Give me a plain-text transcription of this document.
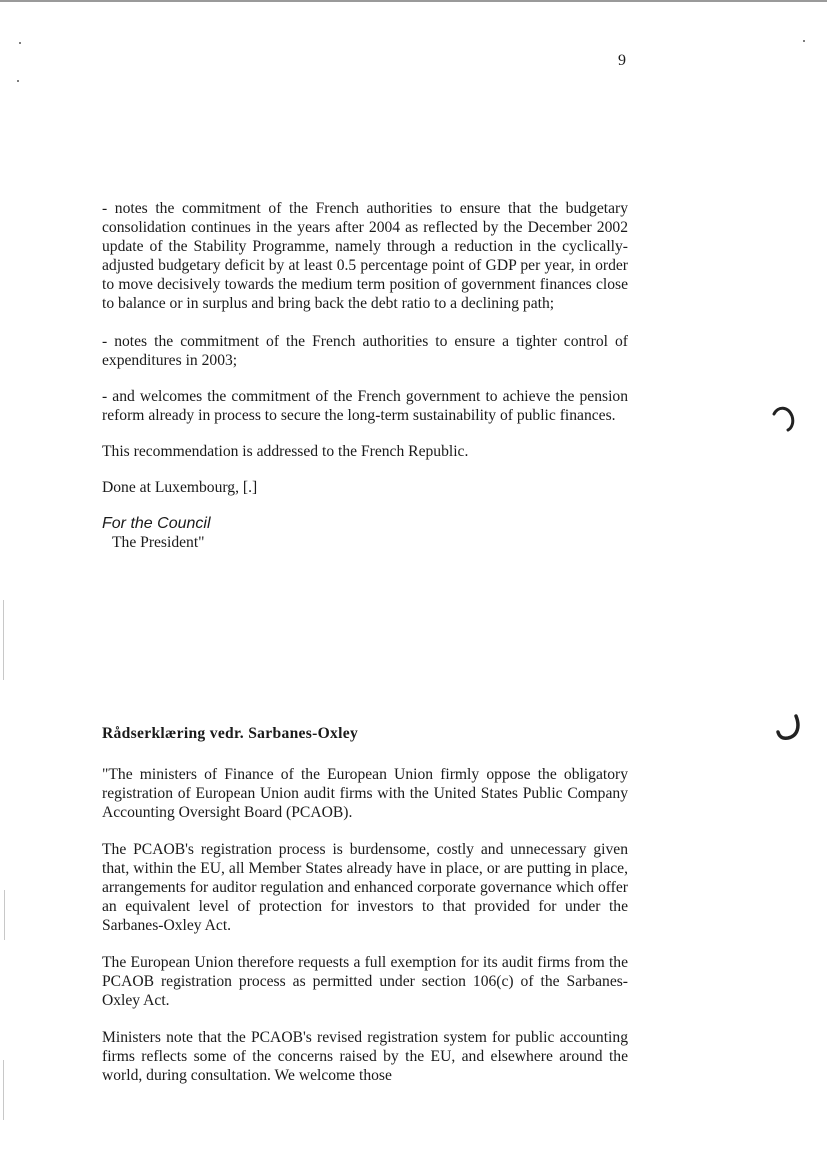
9

- notes the commitment of the French authorities to ensure that the budgetary consolidation continues in the years after 2004 as reflected by the December 2002 update of the Stability Programme, namely through a reduction in the cyclically-adjusted budgetary deficit by at least 0.5 percentage point of GDP per year, in order to move decisively towards the medium term position of government finances close to balance or in surplus and bring back the debt ratio to a declining path;

- notes the commitment of the French authorities to ensure a tighter control of expenditures in 2003;

- and welcomes the commitment of the French government to achieve the pension reform already in process to secure the long-term sustainability of public finances.

This recommendation is addressed to the French Republic.

Done at Luxembourg, [.]

For the Council
The President"
Rådserklæring vedr. Sarbanes-Oxley

"The ministers of Finance of the European Union firmly oppose the obligatory registration of European Union audit firms with the United States Public Company Accounting Oversight Board (PCAOB).

The PCAOB's registration process is burdensome, costly and unnecessary given that, within the EU, all Member States already have in place, or are putting in place, arrangements for auditor regulation and enhanced corporate governance which offer an equivalent level of protection for investors to that provided for under the Sarbanes-Oxley Act.

The European Union therefore requests a full exemption for its audit firms from the PCAOB registration process as permitted under section 106(c) of the Sarbanes-Oxley Act.

Ministers note that the PCAOB's revised registration system for public accounting firms reflects some of the concerns raised by the EU, and elsewhere around the world, during consultation. We welcome those
